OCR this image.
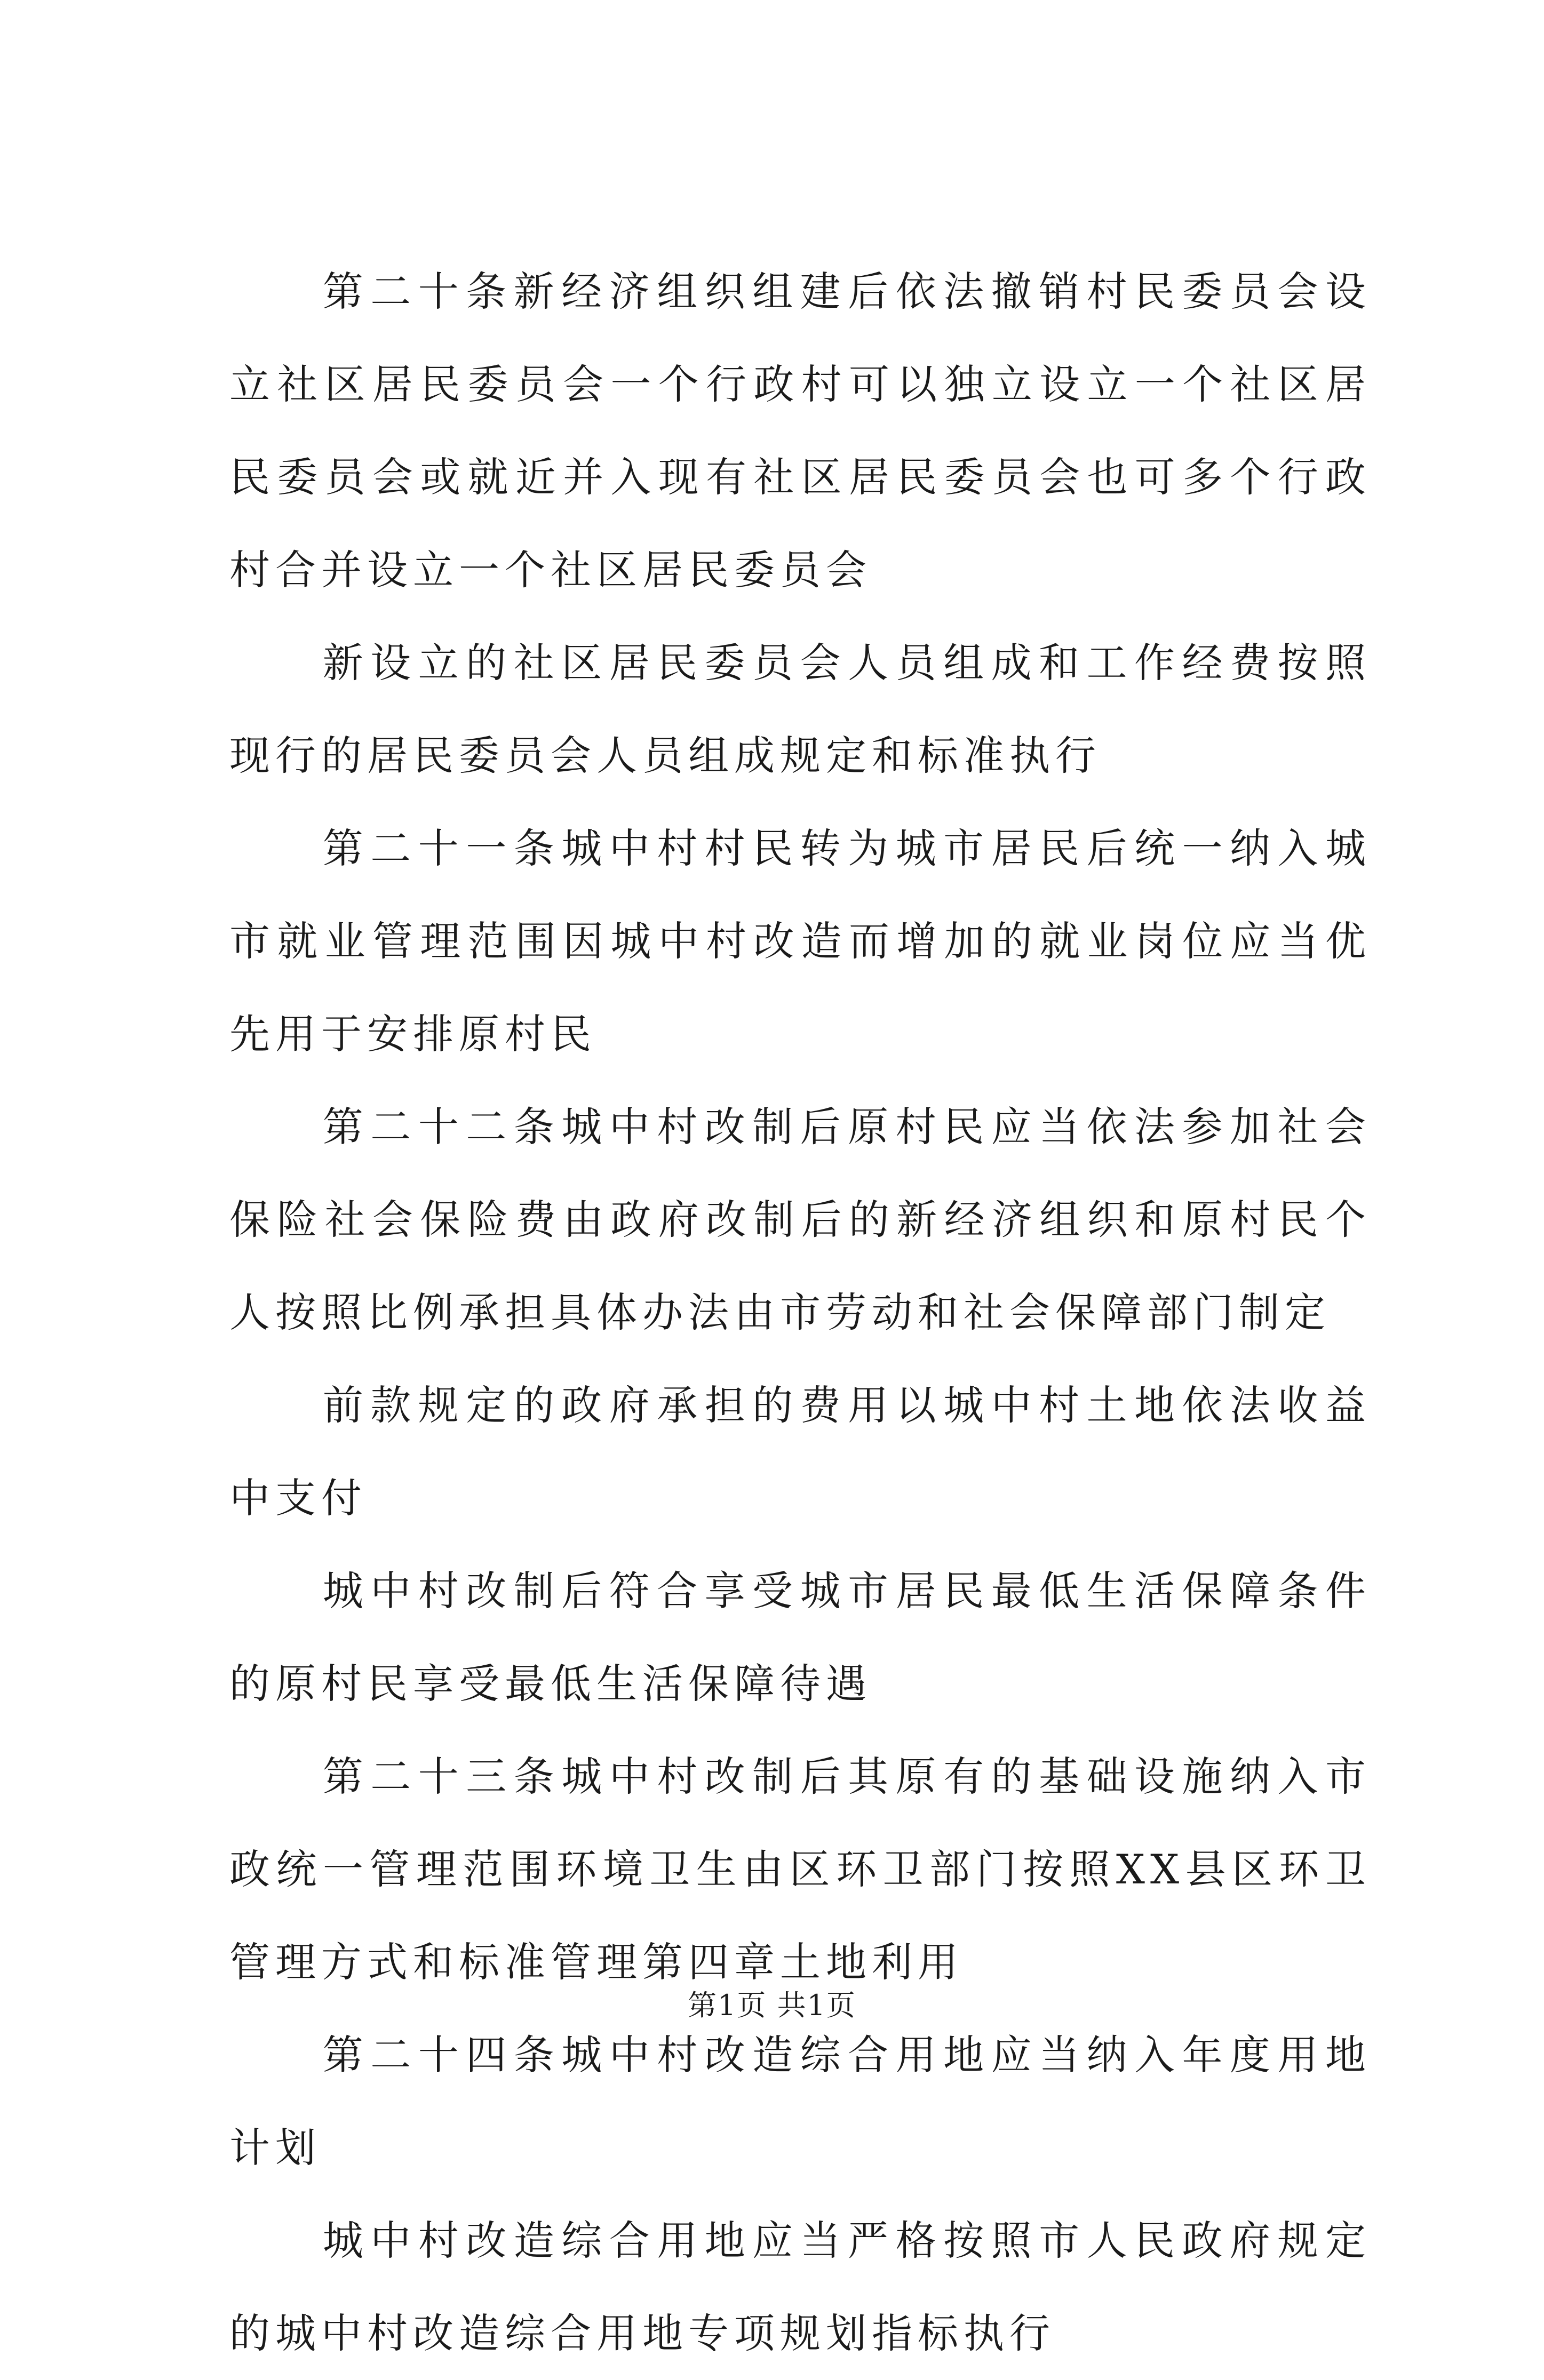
第二十条新经济组织组建后依法撤销村民委员会设立社区居民委员会一个行政村可以独立设立一个社区居民委员会或就近并入现有社区居民委员会也可多个行政村合并设立一个社区居民委员会

新设立的社区居民委员会人员组成和工作经费按照现行的居民委员会人员组成规定和标准执行

第二十一条城中村村民转为城市居民后统一纳入城市就业管理范围因城中村改造而增加的就业岗位应当优先用于安排原村民

第二十二条城中村改制后原村民应当依法参加社会保险社会保险费由政府改制后的新经济组织和原村民个人按照比例承担具体办法由市劳动和社会保障部门制定

前款规定的政府承担的费用以城中村土地依法收益中支付

城中村改制后符合享受城市居民最低生活保障条件的原村民享受最低生活保障待遇

第二十三条城中村改制后其原有的基础设施纳入市政统一管理范围环境卫生由区环卫部门按照XX县区环卫管理方式和标准管理第四章土地利用

第二十四条城中村改造综合用地应当纳入年度用地计划

城中村改造综合用地应当严格按照市人民政府规定的城中村改造综合用地专项规划指标执行

第1页 共1页
